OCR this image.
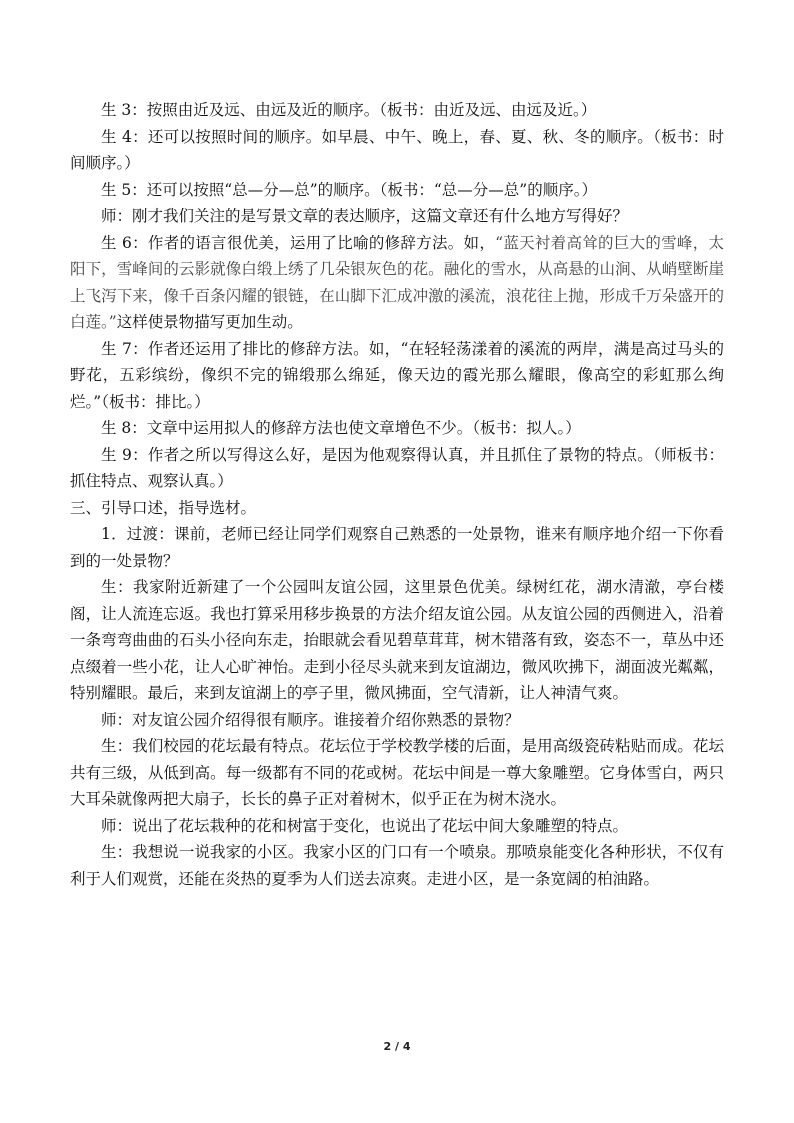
生 3：按照由近及远、由远及近的顺序。（板书：由近及远、由远及近。）

生 4：还可以按照时间的顺序。如早晨、中午、晚上，春、夏、秋、冬的顺序。（板书：时间顺序。）

生 5：还可以按照“总—分—总”的顺序。（板书：“总—分—总”的顺序。）

师：刚才我们关注的是写景文章的表达顺序，这篇文章还有什么地方写得好？

生 6：作者的语言很优美，运用了比喻的修辞方法。如，“蓝天衬着高耸的巨大的雪峰，太阳下，雪峰间的云影就像白缎上绣了几朵银灰色的花。融化的雪水，从高悬的山涧、从峭壁断崖上飞泻下来，像千百条闪耀的银链，在山脚下汇成冲激的溪流，浪花往上抛，形成千万朵盛开的白莲。”这样使景物描写更加生动。

生 7：作者还运用了排比的修辞方法。如，“在轻轻荡漾着的溪流的两岸，满是高过马头的野花，五彩缤纷，像织不完的锦缎那么绵延，像天边的霞光那么耀眼，像高空的彩虹那么绚烂。”（板书：排比。）

生 8：文章中运用拟人的修辞方法也使文章增色不少。（板书：拟人。）

生 9：作者之所以写得这么好，是因为他观察得认真，并且抓住了景物的特点。（师板书：抓住特点、观察认真。）

三、引导口述，指导选材。

1．过渡：课前，老师已经让同学们观察自己熟悉的一处景物，谁来有顺序地介绍一下你看到的一处景物？

生：我家附近新建了一个公园叫友谊公园，这里景色优美。绿树红花，湖水清澈，亭台楼阁，让人流连忘返。我也打算采用移步换景的方法介绍友谊公园。从友谊公园的西侧进入，沿着一条弯弯曲曲的石头小径向东走，抬眼就会看见碧草茸茸，树木错落有致，姿态不一，草丛中还点缀着一些小花，让人心旷神怡。走到小径尽头就来到友谊湖边，微风吹拂下，湖面波光粼粼，特别耀眼。最后，来到友谊湖上的亭子里，微风拂面，空气清新，让人神清气爽。

师：对友谊公园介绍得很有顺序。谁接着介绍你熟悉的景物？

生：我们校园的花坛最有特点。花坛位于学校教学楼的后面，是用高级瓷砖粘贴而成。花坛共有三级，从低到高。每一级都有不同的花或树。花坛中间是一尊大象雕塑。它身体雪白，两只大耳朵就像两把大扇子，长长的鼻子正对着树木，似乎正在为树木浇水。

师：说出了花坛栽种的花和树富于变化，也说出了花坛中间大象雕塑的特点。

生：我想说一说我家的小区。我家小区的门口有一个喷泉。那喷泉能变化各种形状，不仅有利于人们观赏，还能在炎热的夏季为人们送去凉爽。走进小区，是一条宽阔的柏油路。

2 / 4
